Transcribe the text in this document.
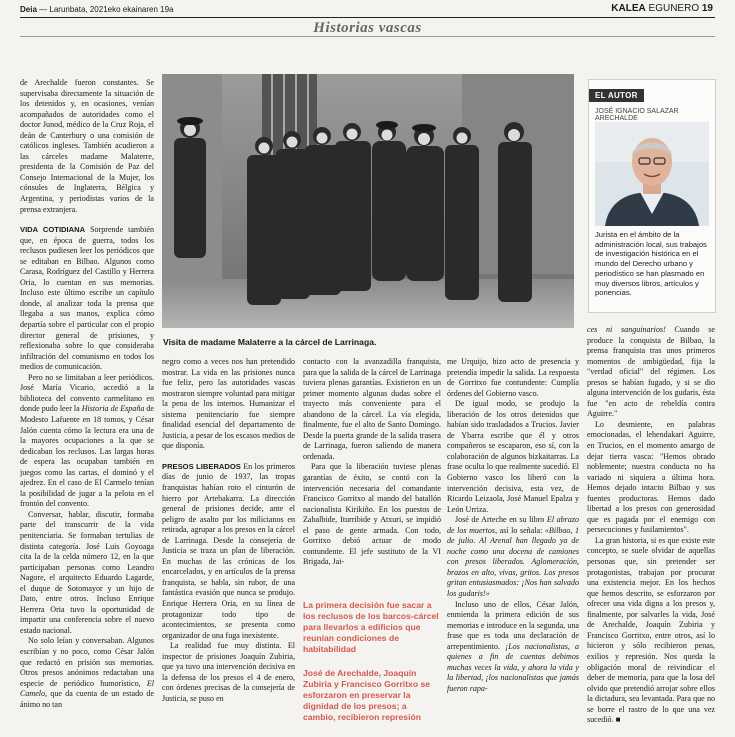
Deia — Larunbata, 2021eko ekainaren 19a	KALEA EGUNERO 19
Historias vascas

de Arechalde fueron constantes. Se supervisaba directamente la situación de los detenidos y, en ocasiones, venían acompañados de autoridades como el doctor Junod, médico de la Cruz Roja, el deán de Canterbury o una comisión de católicos ingleses. También acudieron a las cárceles madame Malaterre, presidenta de la Comisión de Paz del Consejo Internacional de la Mujer, los cónsules de Inglaterra, Bélgica y Argentina, y periodistas varios de la prensa extranjera.

VIDA COTIDIANA Sorprende también que, en época de guerra, todos los reclusos pudiesen leer los periódicos que se editaban en Bilbao. Algunos como Carasa, Rodríguez del Castillo y Herrera Oria, lo cuentan en sus memorias. Incluso este último escribe un capítulo donde, al analizar toda la prensa que llegaba a sus manos, explica cómo departía sobre el particular con el propio director general de prisiones, y reflexionaba sobre lo que consideraba infiltración del comunismo en todos los medios de comunicación.

Pero no se limitaban a leer periódicos. José María Vicario, accedió a la biblioteca del convento carmelitano en donde pudo leer la Historia de España de Modesto Lafuente en 18 tomos, y César Jalón cuenta cómo la lectura era una de la mayores ocupaciones a la que se dedicaban los reclusos. Las largas horas de espera las ocupaban también en juegos como las cartas, el dominó y el ajedrez. En el caso de El Carmelo tenían la posibilidad de jugar a la pelota en el frontón del convento.

Conversar, hablar, discutir, formaba parte del transcurrir de la vida penitenciaria. Se formaban tertulias de distinta categoría. José Luis Goyoaga cita la de la celda número 12, en la que participaban personas como Leandro Nagore, el arquitecto Eduardo Lagarde, el duque de Sotomayor y un hijo de Dato, entre otros. Incluso Enrique Herrera Oria tuvo la oportunidad de impartir una conferencia sobre el nuevo estado nacional.

No solo leían y conversaban. Algunos escribían y no poco, como César Jalón que redactó en prisión sus memorias. Otros presos anónimos redactaban una especie de periódico humorístico, El Camelo, que da cuenta de un estado de ánimo no tan

Visita de madame Malaterre a la cárcel de Larrinaga.
EL AUTOR
JOSÉ IGNACIO SALAZAR ARECHALDE
Jurista en el ámbito de la administración local, sus trabajos de investigación histórica en el mundo del Derecho urbano y periodístico se han plasmado en muy diversos libros, artículos y ponencias.

negro como a veces nos han pretendido mostrar. La vida en las prisiones nunca fue feliz, pero las autoridades vascas mostraron siempre voluntad para mitigar la pena de los internos. Humanizar el sistema penitenciario fue siempre finalidad esencial del departamento de Justicia, a pesar de los escasos medios de que disponía.

PRESOS LIBERADOS En los primeros días de junio de 1937, las tropas franquistas habían roto el cinturón de hierro por Artebakarra. La dirección general de prisiones decide, ante el peligro de asalto por los milicianos en retirada, agrupar a los presos en la cárcel de Larrinaga. Desde la consejería de Justicia se traza un plan de liberación. En muchas de las crónicas de los encarcelados, y en artículos de la prensa franquista, se habla, sin rubor, de una fantástica evasión que nunca se produjo. Enrique Herrera Oria, en su línea de protagonizar todo tipo de acontecimientos, se presenta como organizador de una fuga inexistente.

La realidad fue muy distinta. El inspector de prisiones Joaquín Zubiria, que ya tuvo una intervención decisiva en la defensa de los presos el 4 de enero, con órdenes precisas de la consejería de Justicia, se puso en

contacto con la avanzadilla franquista, para que la salida de la cárcel de Larrinaga tuviera plenas garantías. Existieron en un primer momento algunas dudas sobre el trayecto más conveniente para el abandono de la cárcel. La vía elegida, finalmente, fue el alto de Santo Domingo. Desde la puerta grande de la salida trasera de Larrinaga, fueron saliendo de manera ordenada.

Para que la liberación tuviese plenas garantías de éxito, se contó con la intervención necesaria del comandante Francisco Gorritxo al mando del batallón nacionalista Kirikiño. En los puestos de Zabalbide, Iturribide y Atxuri, se impidió el paso de gente armada. Con todo, Gorritxo debió actuar de modo contundente. El jefe sustituto de la VI Brigada, Jai-

La primera decisión fue sacar a los reclusos de los barcos-cárcel para llevarlos a edificios que reunían condiciones de habitabilidad
José de Arechalde, Joaquín Zubiria y Francisco Gorritxo se esforzaron en preservar la dignidad de los presos; a cambio, recibieron represión

me Urquijo, hizo acto de presencia y pretendía impedir la salida. La respuesta de Gorritxo fue contundente: Cumplía órdenes del Gobierno vasco.

De igual modo, se produjo la liberación de los otros detenidos que habían sido trasladados a Trucios. Javier de Ybarra escribe que él y otros compañeros se escaparon, eso sí, con la colaboración de algunos bizkaitarras. La frase oculta lo que realmente sucedió. El Gobierno vasco los liberó con la intervención decisiva, esta vez, de Ricardo Leizaola, José Manuel Epalza y León Urriza.

José de Arteche en su libro El abrazo de los muertos, así lo señala: «Bilbao, 1 de julio. Al Arenal han llegado ya de noche como una docena de camiones con presos liberados. Aglomeración, brazos en alto, vivas, gritos. Los presos gritan entusiasmados: ¡Nos han salvado los gudaris!»

Incluso uno de ellos, César Jalón, enmienda la primera edición de sus memorias e introduce en la segunda, una frase que es toda una declaración de arrepentimiento. ¡Los nacionalistas, a quienes a fin de cuentas debimos muchas veces la vida, y ahora la vida y la libertad, ¡los nacionalistas que jamás fueron rapa-

ces ni sanguinarios! Cuando se produce la conquista de Bilbao, la prensa franquista tras unos primeros momentos de ambigüedad, fija la "verdad oficial" del régimen. Los presos se habían fugado, y si se dio alguna intervención de los gudaris, ésta fue "en acto de rebeldía contra Aguirre."

Lo desmiente, en palabras emocionadas, el lehendakari Aguirre, en Trucios, en el momento amargo de dejar tierra vasca: "Hemos obrado noblemente; nuestra conducta no ha variado ni siquiera a última hora. Hemos dejado intacto Bilbao y sus fuentes productoras. Hemos dado libertad a los presos con generosidad que es pagada por el enemigo con persecuciones y fusilamientos".

La gran historia, si es que existe este concepto, se suele olvidar de aquellas personas que, sin pretender ser protagonistas, trabajan por procurar una existencia mejor. En los hechos que hemos descrito, se esforzaron por ofrecer una vida digna a los presos y, finalmente, por salvarles la vida, José de Arechalde, Joaquín Zubiria y Francisco Gorritxo, entre otros, así lo hicieron y sólo recibieron penas, exilios y represión. Nos queda la obligación moral de reivindicar el deber de memoria, para que la losa del olvido que pretendió arrojar sobre ellos la dictadura, sea levantada. Para que no se borre el rastro de lo que una vez sucedió. ■
